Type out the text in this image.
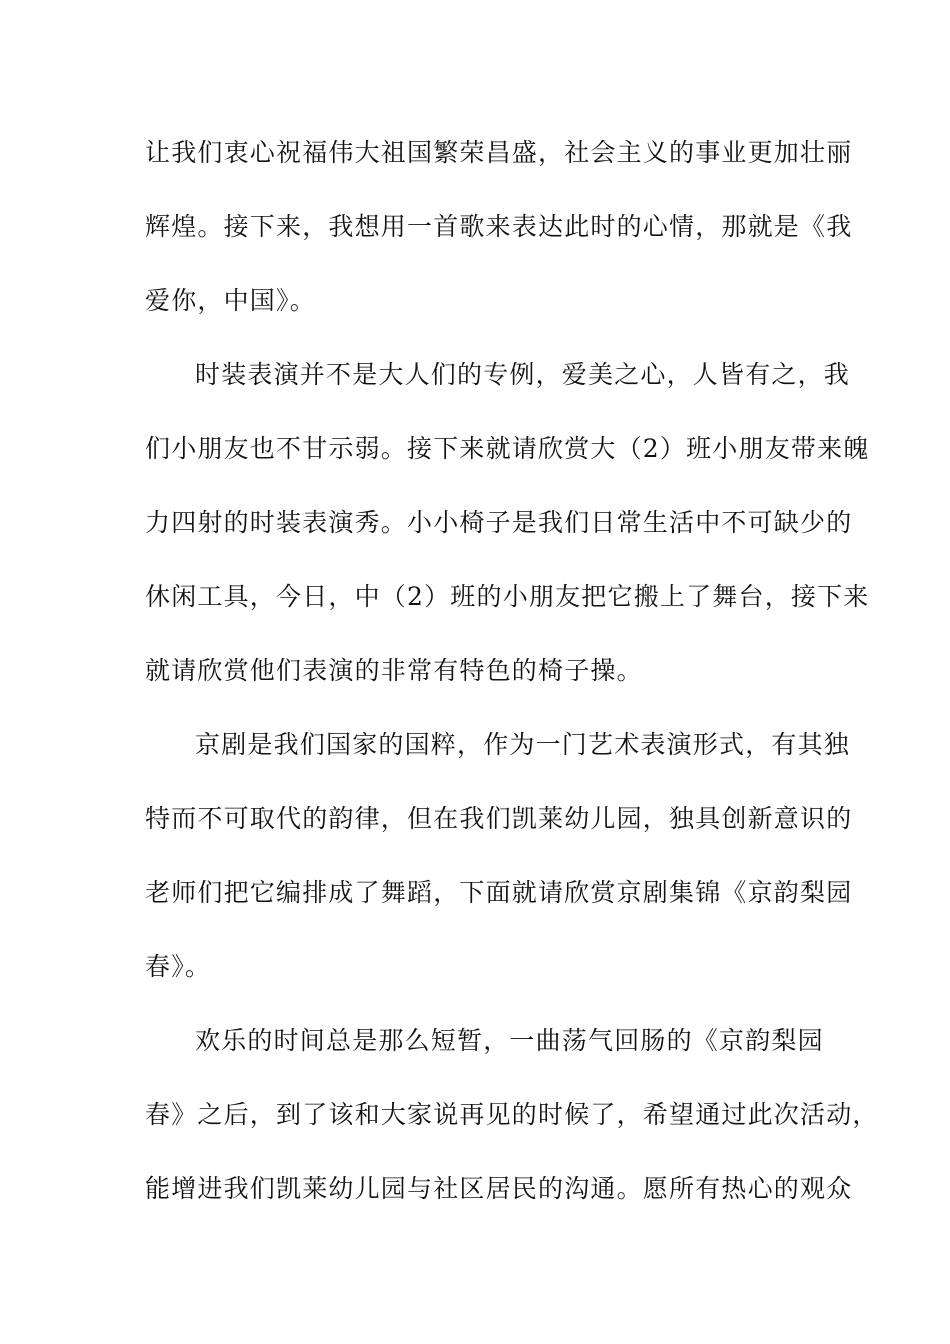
让我们衷心祝福伟大祖国繁荣昌盛，社会主义的事业更加壮丽
辉煌。接下来，我想用一首歌来表达此时的心情，那就是《我
爱你，中国》。
时装表演并不是大人们的专例，爱美之心，人皆有之，我
们小朋友也不甘示弱。接下来就请欣赏大（2）班小朋友带来魄
力四射的时装表演秀。小小椅子是我们日常生活中不可缺少的
休闲工具，今日，中（2）班的小朋友把它搬上了舞台，接下来
就请欣赏他们表演的非常有特色的椅子操。
京剧是我们国家的国粹，作为一门艺术表演形式，有其独
特而不可取代的韵律，但在我们凯莱幼儿园，独具创新意识的
老师们把它编排成了舞蹈，下面就请欣赏京剧集锦《京韵梨园
春》。
欢乐的时间总是那么短暂，一曲荡气回肠的《京韵梨园
春》之后，到了该和大家说再见的时候了，希望通过此次活动，
能增进我们凯莱幼儿园与社区居民的沟通。愿所有热心的观众
